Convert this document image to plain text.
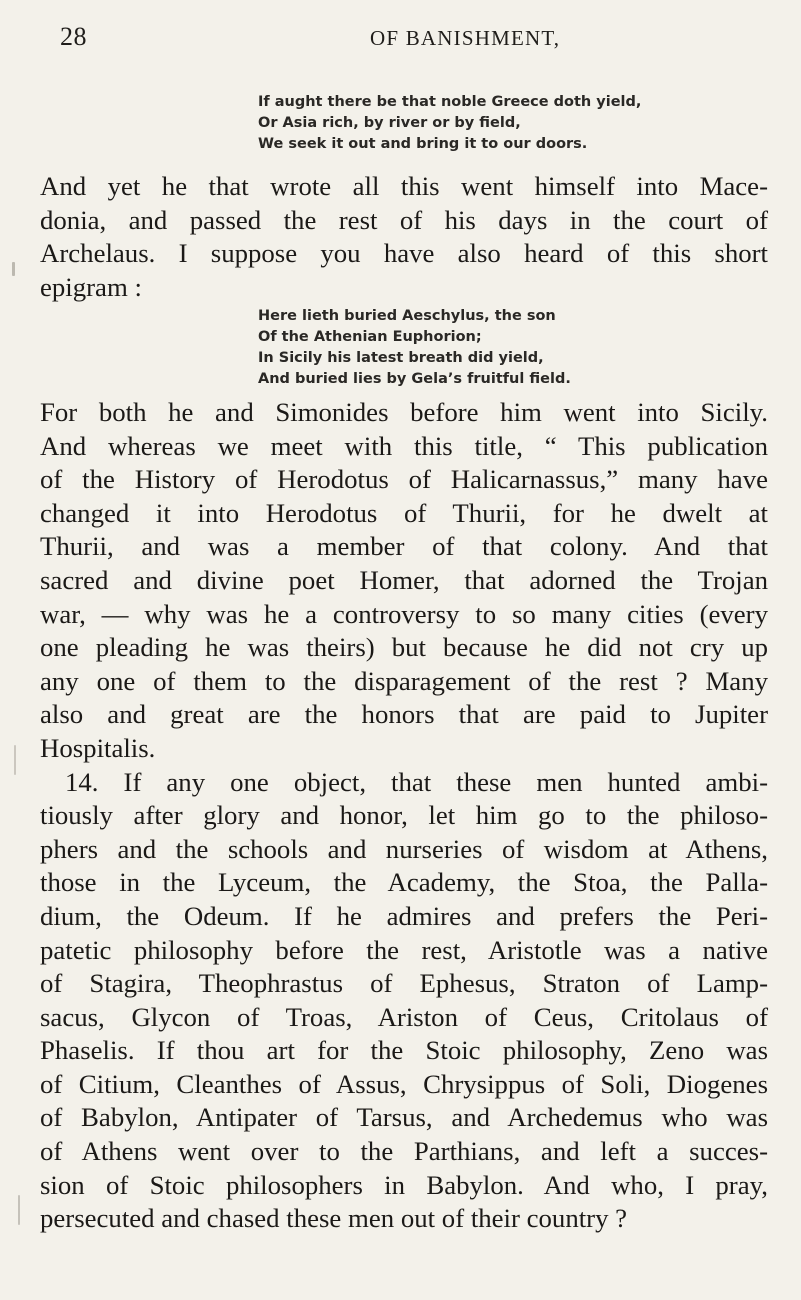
28	OF BANISHMENT,
If aught there be that noble Greece doth yield,
Or Asia rich, by river or by field,
We seek it out and bring it to our doors.
And yet he that wrote all this went himself into Mace-
donia, and passed the rest of his days in the court of
Archelaus. I suppose you have also heard of this short
epigram :
Here lieth buried Aeschylus, the son
Of the Athenian Euphorion;
In Sicily his latest breath did yield,
And buried lies by Gela’s fruitful field.
For both he and Simonides before him went into Sicily.
And whereas we meet with this title, “ This publication
of the History of Herodotus of Halicarnassus,” many have
changed it into Herodotus of Thurii, for he dwelt at
Thurii, and was a member of that colony. And that
sacred and divine poet Homer, that adorned the Trojan
war, — why was he a controversy to so many cities (every
one pleading he was theirs) but because he did not cry up
any one of them to the disparagement of the rest ? Many
also and great are the honors that are paid to Jupiter
Hospitalis.
14. If any one object, that these men hunted ambi-
tiously after glory and honor, let him go to the philoso-
phers and the schools and nurseries of wisdom at Athens,
those in the Lyceum, the Academy, the Stoa, the Palla-
dium, the Odeum. If he admires and prefers the Peri-
patetic philosophy before the rest, Aristotle was a native
of Stagira, Theophrastus of Ephesus, Straton of Lamp-
sacus, Glycon of Troas, Ariston of Ceus, Critolaus of
Phaselis. If thou art for the Stoic philosophy, Zeno was
of Citium, Cleanthes of Assus, Chrysippus of Soli, Diogenes
of Babylon, Antipater of Tarsus, and Archedemus who was
of Athens went over to the Parthians, and left a succes-
sion of Stoic philosophers in Babylon. And who, I pray,
persecuted and chased these men out of their country ?
